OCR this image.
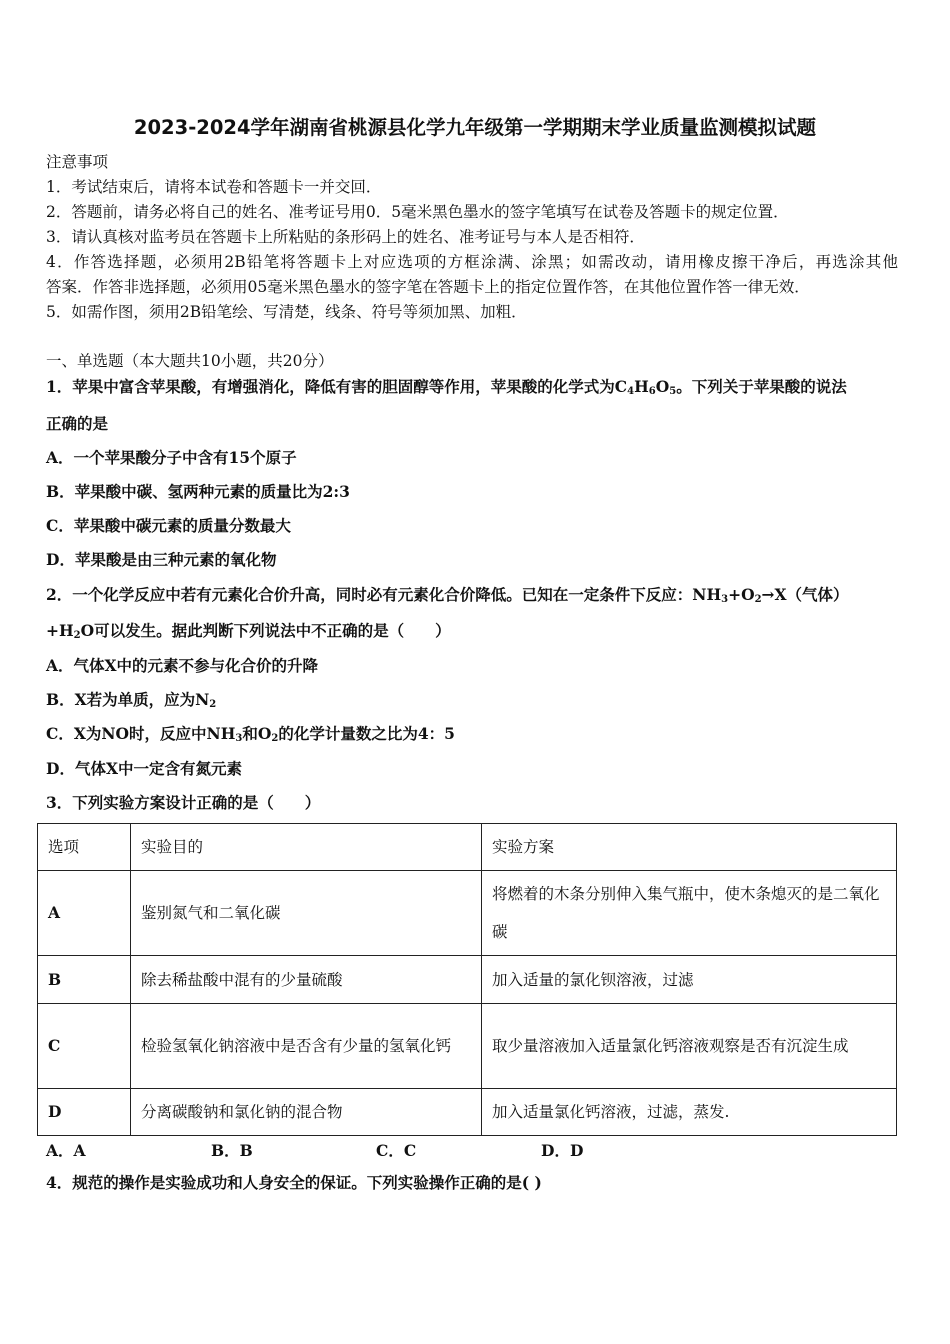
2023-2024学年湖南省桃源县化学九年级第一学期期末学业质量监测模拟试题
注意事项
1．考试结束后，请将本试卷和答题卡一并交回．
2．答题前，请务必将自己的姓名、准考证号用0．5毫米黑色墨水的签字笔填写在试卷及答题卡的规定位置．
3．请认真核对监考员在答题卡上所粘贴的条形码上的姓名、准考证号与本人是否相符．
4．作答选择题，必须用2B铅笔将答题卡上对应选项的方框涂满、涂黑；如需改动，请用橡皮擦干净后，再选涂其他
答案．作答非选择题，必须用05毫米黑色墨水的签字笔在答题卡上的指定位置作答，在其他位置作答一律无效．
5．如需作图，须用2B铅笔绘、写清楚，线条、符号等须加黑、加粗．
一、单选题（本大题共10小题，共20分）
1．苹果中富含苹果酸，有增强消化，降低有害的胆固醇等作用，苹果酸的化学式为$C_4H_6O_5$。下列关于苹果酸的说法
正确的是
A．一个苹果酸分子中含有15个原子
B．苹果酸中碳、氢两种元素的质量比为2:3
C．苹果酸中碳元素的质量分数最大
D．苹果酸是由三种元素的氧化物
2．一个化学反应中若有元素化合价升高，同时必有元素化合价降低。已知在一定条件下反应：$NH_3+O_2\to X$（气体）
$+H_2O$可以发生。据此判断下列说法中不正确的是（　　）
A．气体X中的元素不参与化合价的升降
B．X若为单质，应为$N_2$
C．X为NO时，反应中$NH_3$和$O_2$的化学计量数之比为4：5
D．气体X中一定含有氮元素
3．下列实验方案设计正确的是（　　）
选项	实验目的	实验方案
A	鉴别氮气和二氧化碳	将燃着的木条分别伸入集气瓶中，使木条熄灭的是二氧化碳
B	除去稀盐酸中混有的少量硫酸	加入适量的氯化钡溶液，过滤
C	检验氢氧化钠溶液中是否含有少量的氢氧化钙	取少量溶液加入适量氯化钙溶液观察是否有沉淀生成
D	分离碳酸钠和氯化钠的混合物	加入适量氯化钙溶液，过滤，蒸发.
A．A	B．B	C．C	D．D
4．规范的操作是实验成功和人身安全的保证。下列实验操作正确的是( )
